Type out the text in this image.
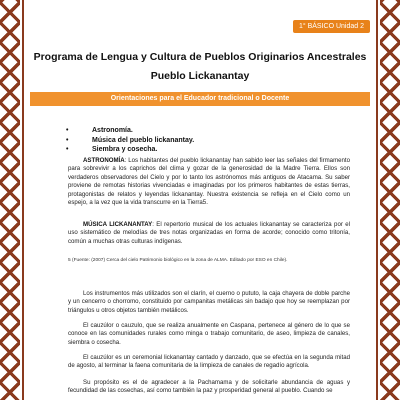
1° BÁSICO Unidad 2
Programa de Lengua y Cultura de Pueblos Originarios Ancestrales
Pueblo Lickanantay
Orientaciones para el Educador tradicional o Docente
• Astronomía.
• Música del pueblo lickanantay.
• Siembra y cosecha.

ASTRONOMÍA: Los habitantes del pueblo lickanantay han sabido leer las señales del firmamento para sobrevivir a los caprichos del clima y gozar de la generosidad de la Madre Tierra. Ellos son verdaderos observadores del Cielo y por lo tanto los astrónomos más antiguos de Atacama. Su saber proviene de remotas historias vivenciadas e imaginadas por los primeros habitantes de estas tierras, protagonistas de relatos y leyendas lickanantay. Nuestra existencia se refleja en el Cielo como un espejo, a la vez que la vida transcurre en la Tierra5.

MÚSICA LICKANANTAY: El repertorio musical de los actuales lickanantay se caracteriza por el uso sistemático de melodías de tres notas organizadas en forma de acorde; conocido como tritonía, común a muchas otras culturas indígenas.

5 (Fuente: (2007) Cerca del cielo Patrimonio biológico en la zona de ALMA. Editado por ESO en Chile).

Los instrumentos más utilizados son el clarín, el cuerno o pututo, la caja chayera de doble parche y un cencerro o chorromo, constituido por campanitas metálicas sin badajo que hoy se reemplazan por triángulos u otros objetos también metálicos.

El cauzúlor o cauzulo, que se realiza anualmente en Caspana, pertenece al género de lo que se conoce en las comunidades rurales como minga o trabajo comunitario, de aseo, limpieza de canales, siembra o cosecha.

El cauzúlor es un ceremonial lickanantay cantado y danzado, que se efectúa en la segunda mitad de agosto, al terminar la faena comunitaria de la limpieza de canales de regadío agrícola.

Su propósito es el de agradecer a la Pachamama y de solicitarle abundancia de aguas y fecundidad de las cosechas, así como también la paz y prosperidad general al pueblo. Cuando se
